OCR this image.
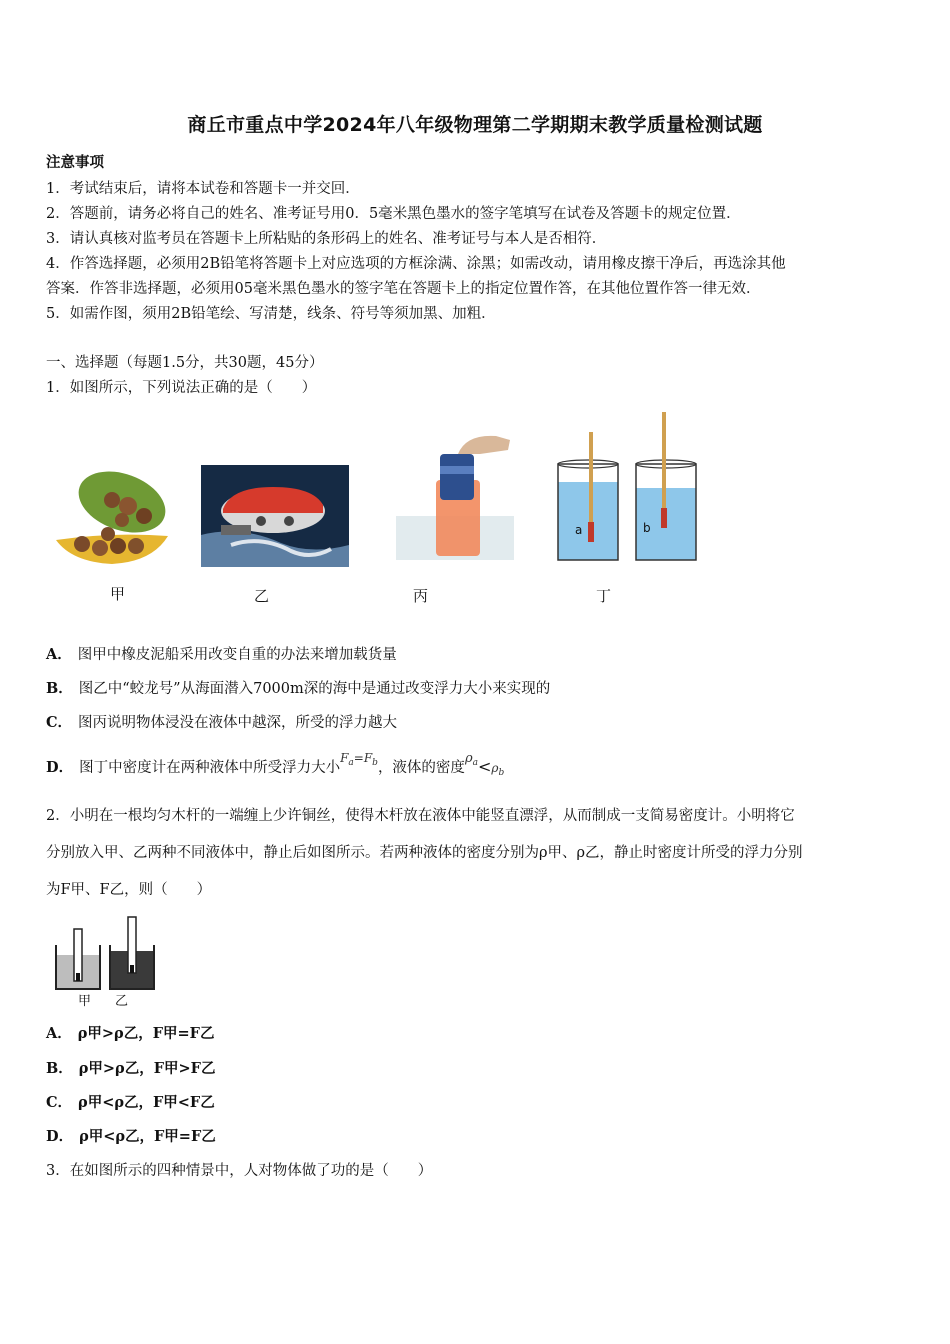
商丘市重点中学2024年八年级物理第二学期期末教学质量检测试题
注意事项
1．考试结束后，请将本试卷和答题卡一并交回．
2．答题前，请务必将自己的姓名、准考证号用0．5毫米黑色墨水的签字笔填写在试卷及答题卡的规定位置．
3．请认真核对监考员在答题卡上所粘贴的条形码上的姓名、准考证号与本人是否相符．
4．作答选择题，必须用2B铅笔将答题卡上对应选项的方框涂满、涂黑；如需改动，请用橡皮擦干净后，再选涂其他
答案．作答非选择题，必须用05毫米黑色墨水的签字笔在答题卡上的指定位置作答，在其他位置作答一律无效．
5．如需作图，须用2B铅笔绘、写清楚，线条、符号等须加黑、加粗．
一、选择题（每题1.5分，共30题，45分）
1．如图所示，下列说法正确的是（　　）
a	b
甲	乙	丙	丁
A． 图甲中橡皮泥船采用改变自重的办法来增加载货量
B． 图乙中“蛟龙号”从海面潜入7000m深的海中是通过改变浮力大小来实现的
C． 图丙说明物体浸没在液体中越深，所受的浮力越大
D． 图丁中密度计在两种液体中所受浮力大小$^{F_a=F_b}$，液体的密度$\rho_a<\rho_b$
2．小明在一根均匀木杆的一端缠上少许铜丝，使得木杆放在液体中能竖直漂浮，从而制成一支简易密度计。小明将它
分别放入甲、乙两种不同液体中，静止后如图所示。若两种液体的密度分别为ρ甲、ρ乙，静止时密度计所受的浮力分别
为F甲、F乙，则（　　）
甲 乙
A． ρ甲>ρ乙，F甲=F乙
B． ρ甲>ρ乙，F甲>F乙
C． ρ甲<ρ乙，F甲<F乙
D． ρ甲<ρ乙，F甲=F乙
3．在如图所示的四种情景中，人对物体做了功的是（　　）
